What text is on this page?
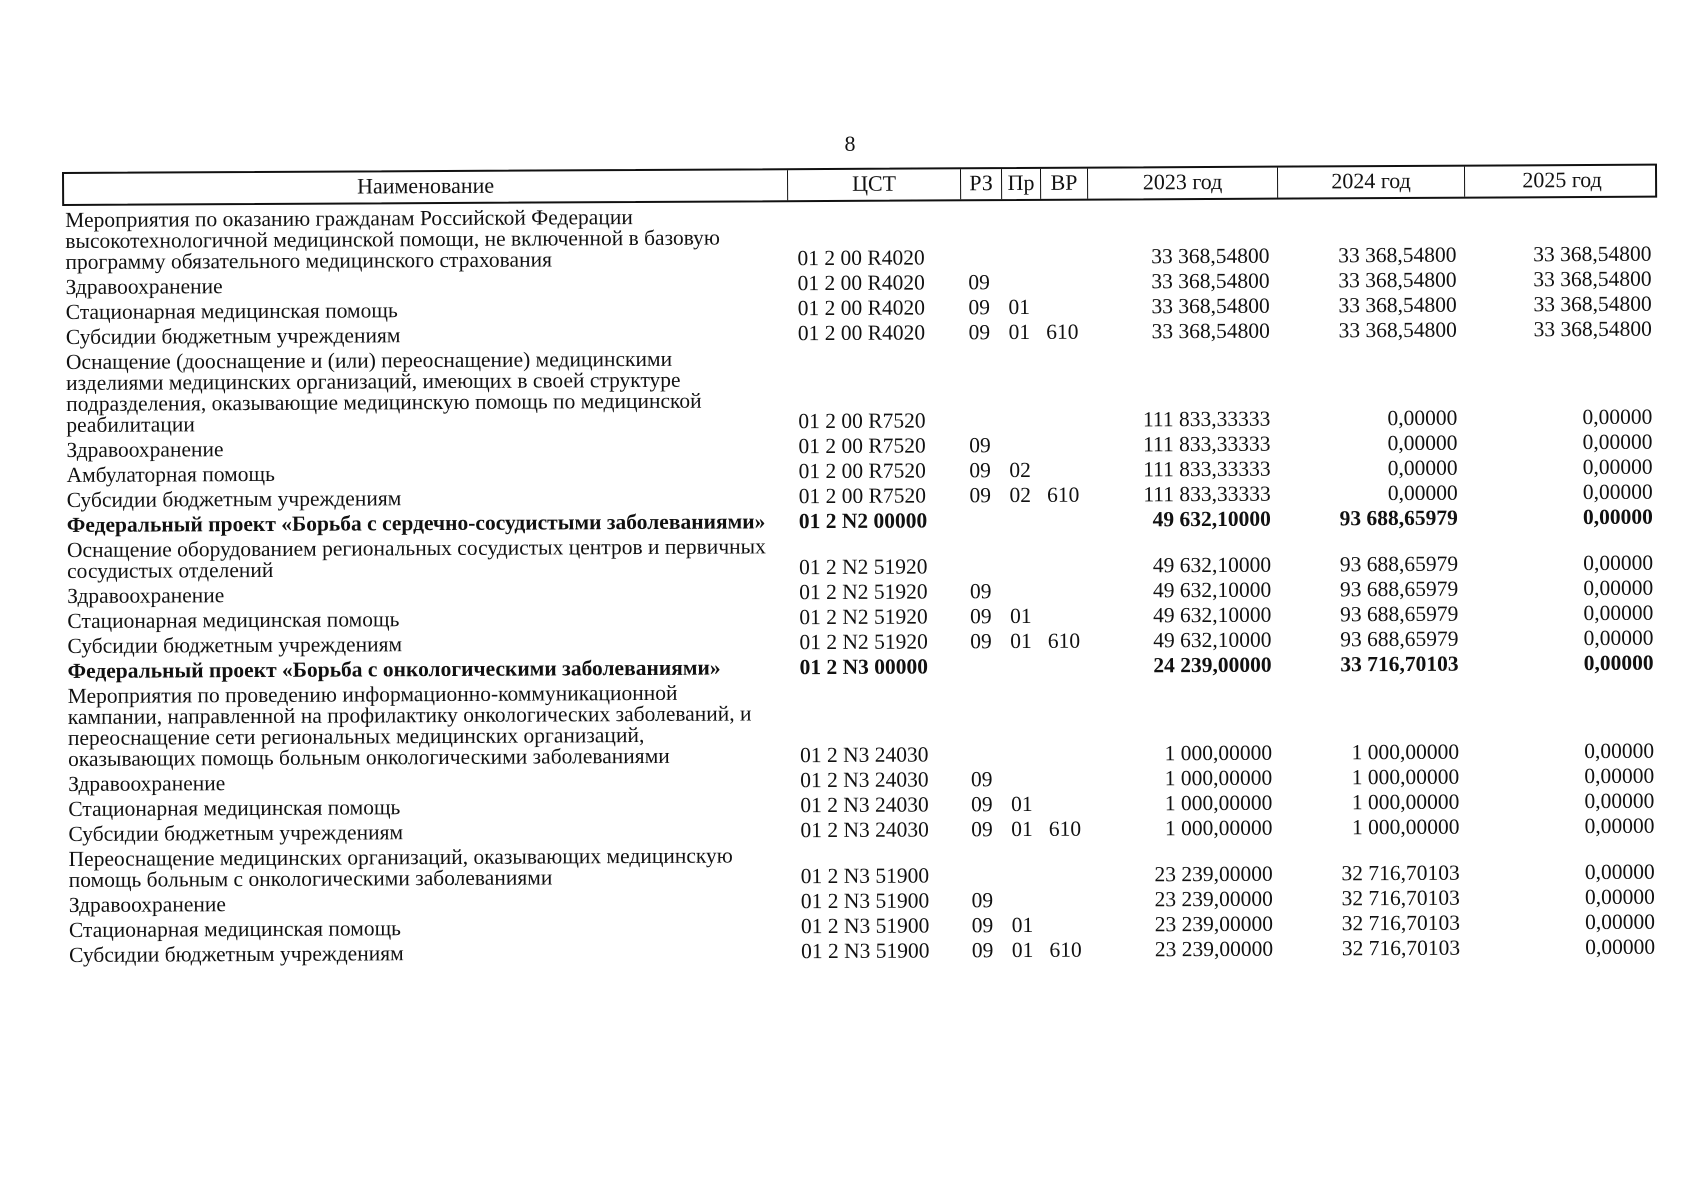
8
Наименование	ЦСТ	РЗ Пр ВР	2023 год	2024 год	2025 год
Мероприятия по оказанию гражданам Российской Федерации высокотехнологичной медицинской помощи, не включенной в базовую программу обязательного медицинского страхования	01 2 00 R4020	33 368,54800	33 368,54800	33 368,54800
Здравоохранение	01 2 00 R4020	09	33 368,54800	33 368,54800	33 368,54800
Стационарная медицинская помощь	01 2 00 R4020	09 01	33 368,54800	33 368,54800	33 368,54800
Субсидии бюджетным учреждениям	01 2 00 R4020	09 01 610	33 368,54800	33 368,54800	33 368,54800
Оснащение (дооснащение и (или) переоснащение) медицинскими изделиями медицинских организаций, имеющих в своей структуре подразделения, оказывающие медицинскую помощь по медицинской реабилитации	01 2 00 R7520	111 833,33333	0,00000	0,00000
Здравоохранение	01 2 00 R7520	09	111 833,33333	0,00000	0,00000
Амбулаторная помощь	01 2 00 R7520	09 02	111 833,33333	0,00000	0,00000
Субсидии бюджетным учреждениям	01 2 00 R7520	09 02 610	111 833,33333	0,00000	0,00000
Федеральный проект «Борьба с сердечно-сосудистыми заболеваниями»	01 2 N2 00000	49 632,10000	93 688,65979	0,00000
Оснащение оборудованием региональных сосудистых центров и первичных сосудистых отделений	01 2 N2 51920	49 632,10000	93 688,65979	0,00000
Здравоохранение	01 2 N2 51920	09	49 632,10000	93 688,65979	0,00000
Стационарная медицинская помощь	01 2 N2 51920	09 01	49 632,10000	93 688,65979	0,00000
Субсидии бюджетным учреждениям	01 2 N2 51920	09 01 610	49 632,10000	93 688,65979	0,00000
Федеральный проект «Борьба с онкологическими заболеваниями»	01 2 N3 00000	24 239,00000	33 716,70103	0,00000
Мероприятия по проведению информационно-коммуникационной кампании, направленной на профилактику онкологических заболеваний, и переоснащение сети региональных медицинских организаций, оказывающих помощь больным онкологическими заболеваниями	01 2 N3 24030	1 000,00000	1 000,00000	0,00000
Здравоохранение	01 2 N3 24030	09	1 000,00000	1 000,00000	0,00000
Стационарная медицинская помощь	01 2 N3 24030	09 01	1 000,00000	1 000,00000	0,00000
Субсидии бюджетным учреждениям	01 2 N3 24030	09 01 610	1 000,00000	1 000,00000	0,00000
Переоснащение медицинских организаций, оказывающих медицинскую помощь больным с онкологическими заболеваниями	01 2 N3 51900	23 239,00000	32 716,70103	0,00000
Здравоохранение	01 2 N3 51900	09	23 239,00000	32 716,70103	0,00000
Стационарная медицинская помощь	01 2 N3 51900	09 01	23 239,00000	32 716,70103	0,00000
Субсидии бюджетным учреждениям	01 2 N3 51900	09 01 610	23 239,00000	32 716,70103	0,00000
